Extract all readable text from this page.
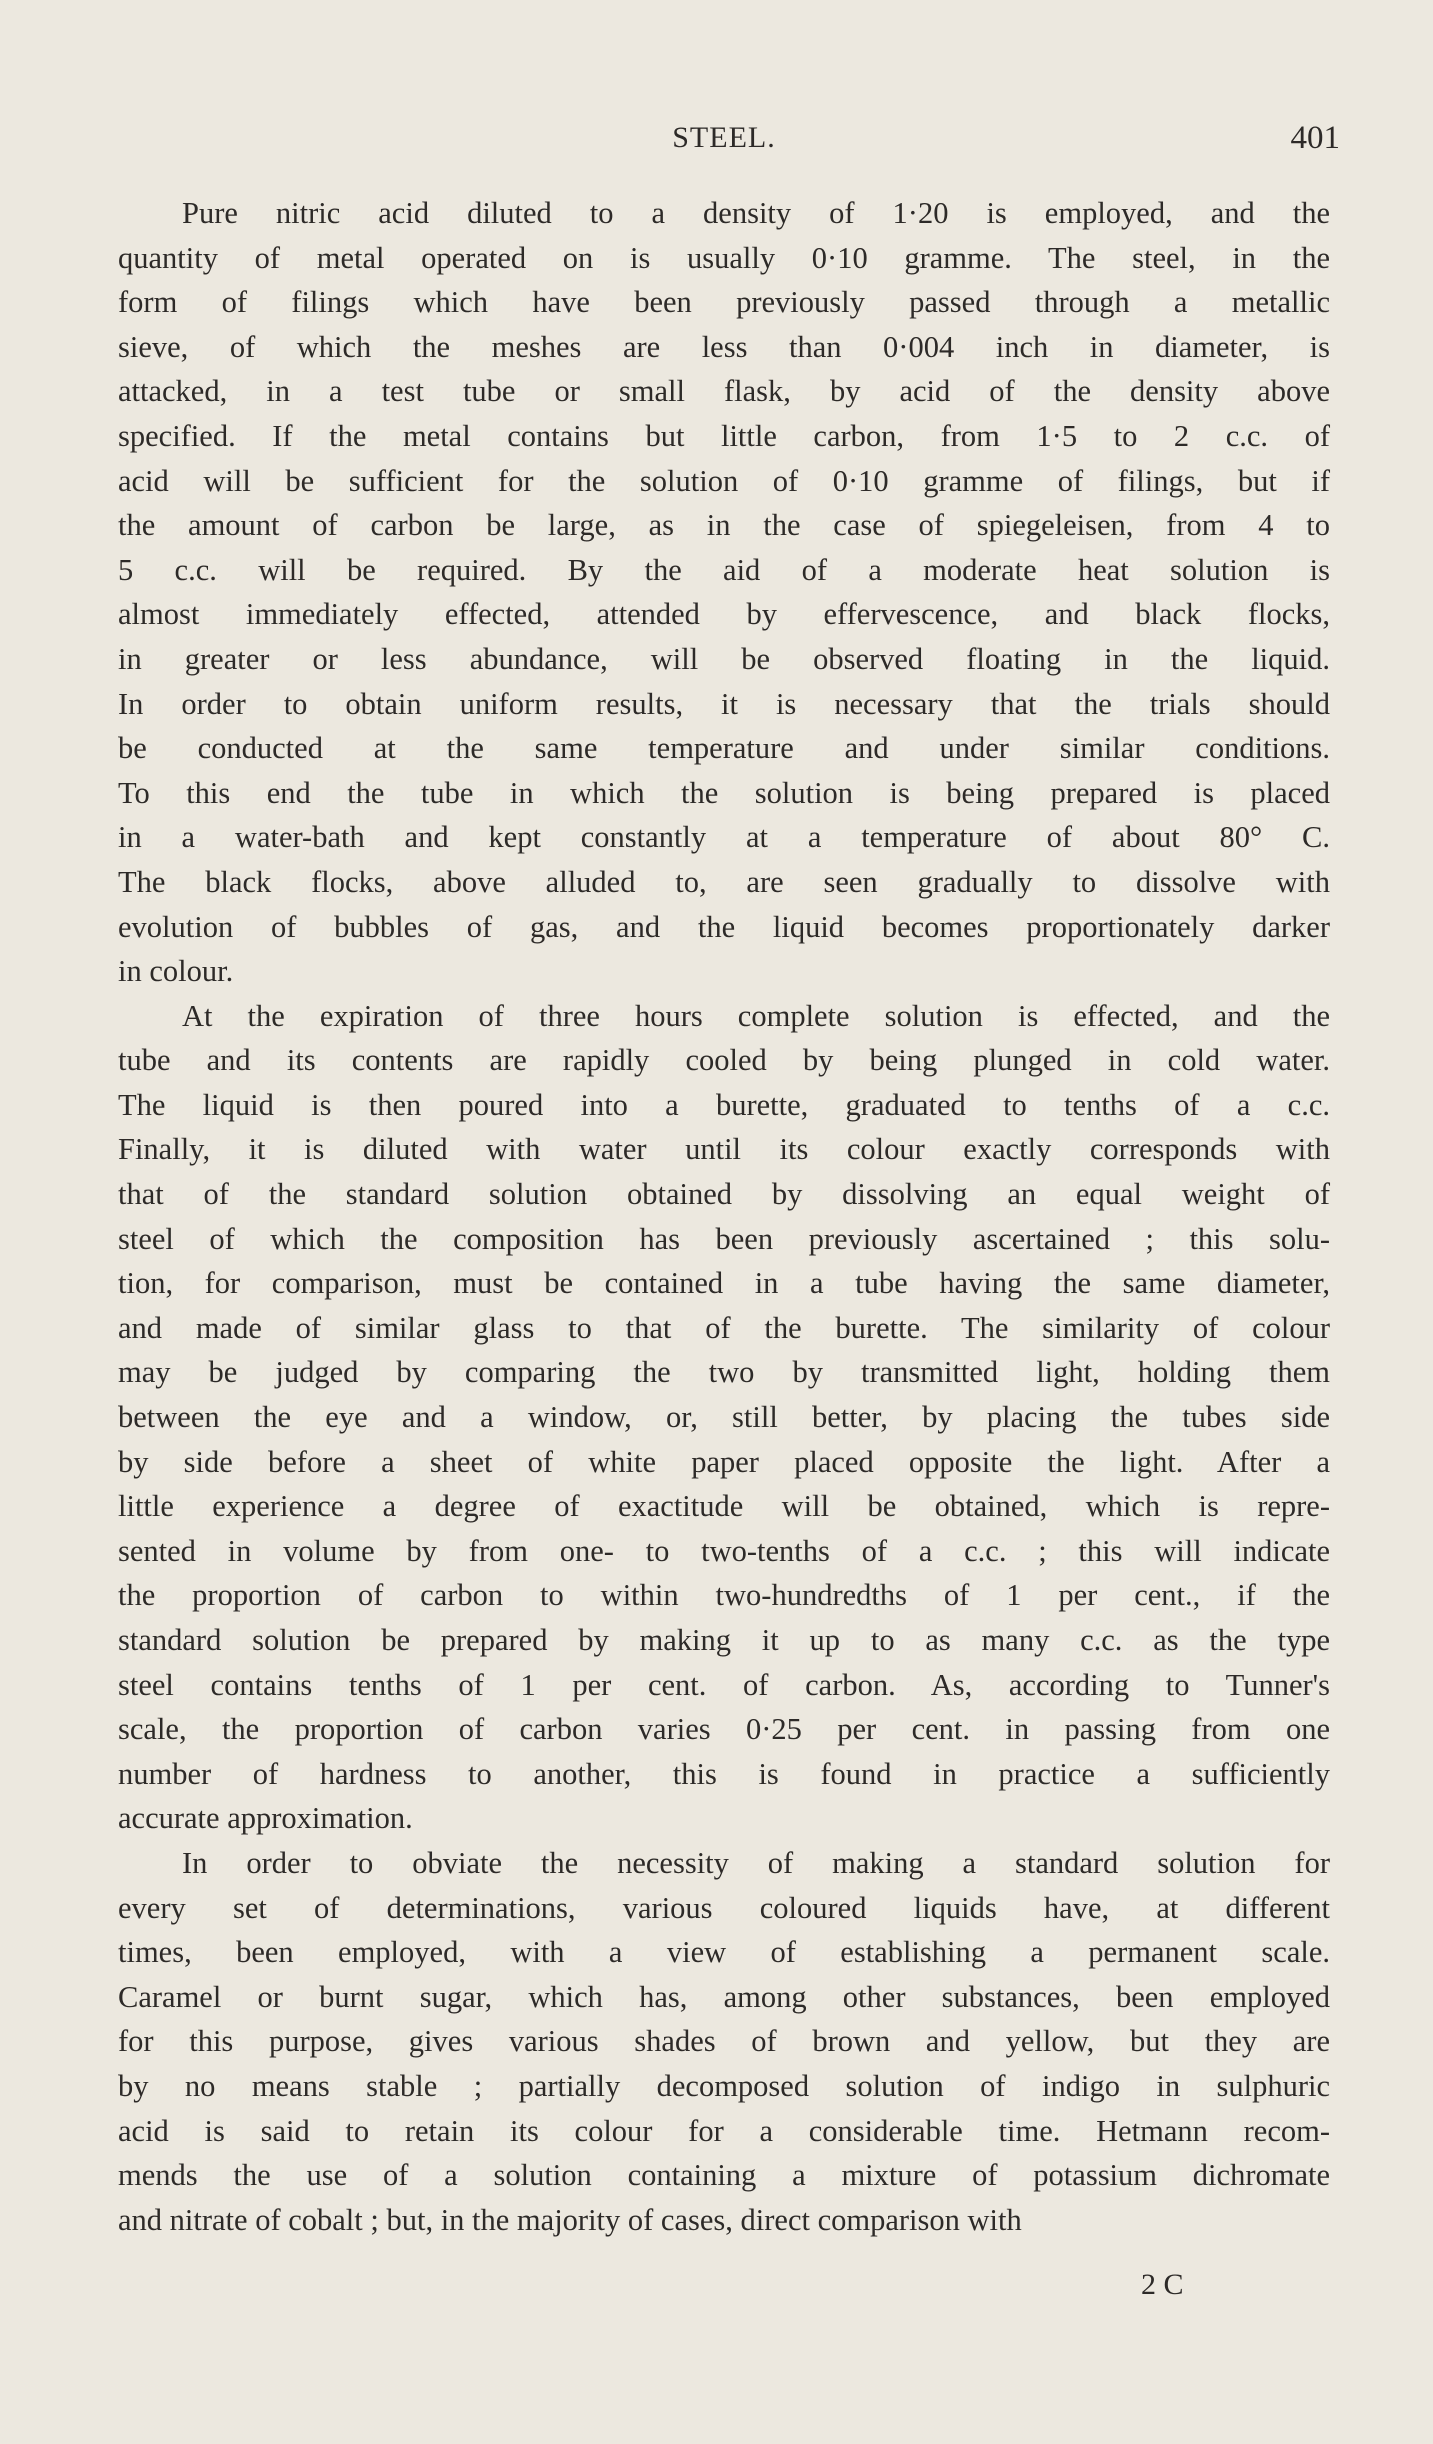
STEEL.	401
Pure nitric acid diluted to a density of 1·20 is employed, and the
quantity of metal operated on is usually 0·10 gramme. The steel, in the
form of filings which have been previously passed through a metallic
sieve, of which the meshes are less than 0·004 inch in diameter, is
attacked, in a test tube or small flask, by acid of the density above
specified. If the metal contains but little carbon, from 1·5 to 2 c.c. of
acid will be sufficient for the solution of 0·10 gramme of filings, but if
the amount of carbon be large, as in the case of spiegeleisen, from 4 to
5 c.c. will be required. By the aid of a moderate heat solution is
almost immediately effected, attended by effervescence, and black flocks,
in greater or less abundance, will be observed floating in the liquid.
In order to obtain uniform results, it is necessary that the trials should
be conducted at the same temperature and under similar conditions.
To this end the tube in which the solution is being prepared is placed
in a water-bath and kept constantly at a temperature of about 80° C.
The black flocks, above alluded to, are seen gradually to dissolve with
evolution of bubbles of gas, and the liquid becomes proportionately darker
in colour.
At the expiration of three hours complete solution is effected, and the
tube and its contents are rapidly cooled by being plunged in cold water.
The liquid is then poured into a burette, graduated to tenths of a c.c.
Finally, it is diluted with water until its colour exactly corresponds with
that of the standard solution obtained by dissolving an equal weight of
steel of which the composition has been previously ascertained ; this solu-
tion, for comparison, must be contained in a tube having the same diameter,
and made of similar glass to that of the burette. The similarity of colour
may be judged by comparing the two by transmitted light, holding them
between the eye and a window, or, still better, by placing the tubes side
by side before a sheet of white paper placed opposite the light. After a
little experience a degree of exactitude will be obtained, which is repre-
sented in volume by from one- to two-tenths of a c.c. ; this will indicate
the proportion of carbon to within two-hundredths of 1 per cent., if the
standard solution be prepared by making it up to as many c.c. as the type
steel contains tenths of 1 per cent. of carbon. As, according to Tunner's
scale, the proportion of carbon varies 0·25 per cent. in passing from one
number of hardness to another, this is found in practice a sufficiently
accurate approximation.
In order to obviate the necessity of making a standard solution for
every set of determinations, various coloured liquids have, at different
times, been employed, with a view of establishing a permanent scale.
Caramel or burnt sugar, which has, among other substances, been employed
for this purpose, gives various shades of brown and yellow, but they are
by no means stable ; partially decomposed solution of indigo in sulphuric
acid is said to retain its colour for a considerable time. Hetmann recom-
mends the use of a solution containing a mixture of potassium dichromate
and nitrate of cobalt ; but, in the majority of cases, direct comparison with
2 C
